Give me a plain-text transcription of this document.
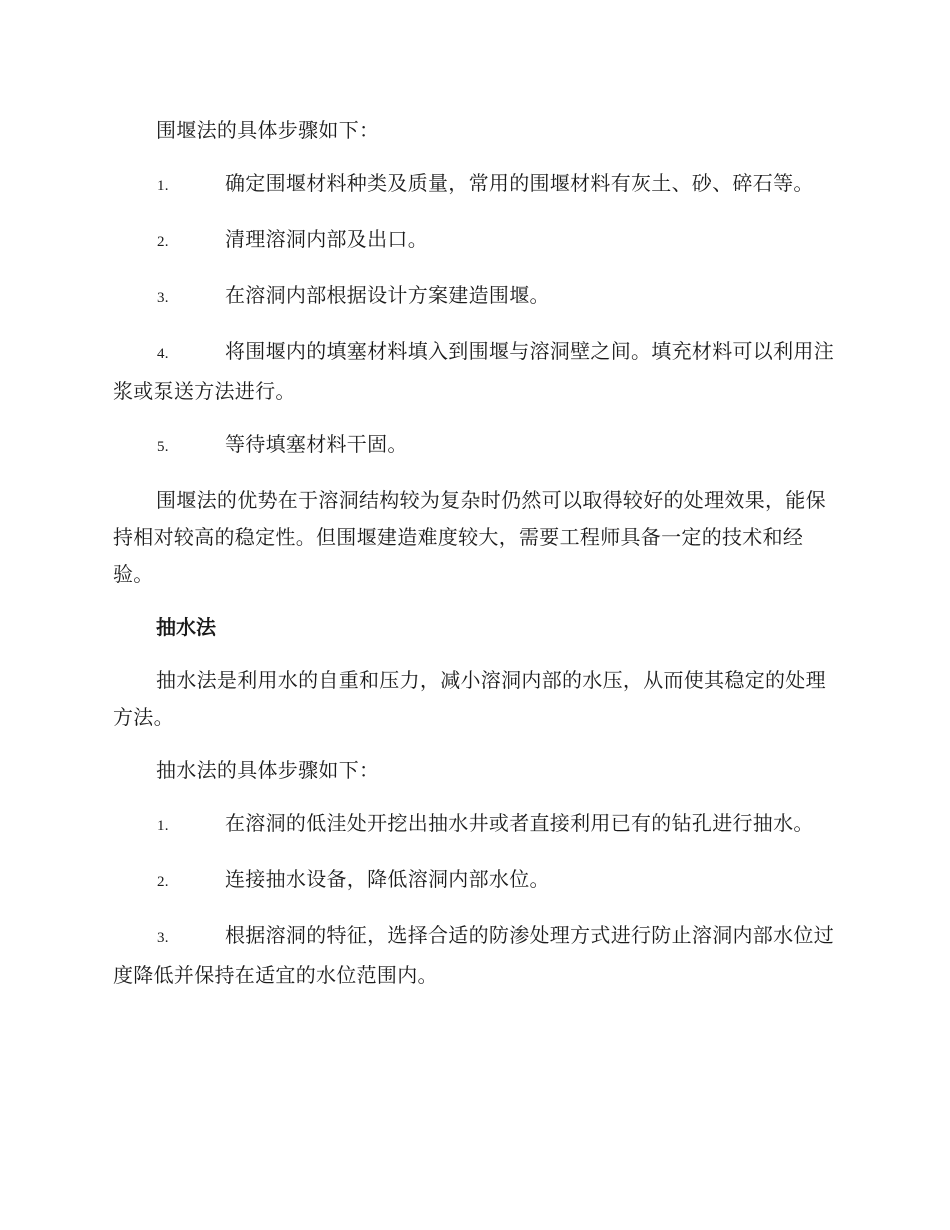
围堰法的具体步骤如下：

1.	确定围堰材料种类及质量，常用的围堰材料有灰土、砂、碎石等。

2.	清理溶洞内部及出口。

3.	在溶洞内部根据设计方案建造围堰。

4.	将围堰内的填塞材料填入到围堰与溶洞壁之间。填充材料可以利用注浆或泵送方法进行。

5.	等待填塞材料干固。

围堰法的优势在于溶洞结构较为复杂时仍然可以取得较好的处理效果，能保持相对较高的稳定性。但围堰建造难度较大，需要工程师具备一定的技术和经验。

抽水法

抽水法是利用水的自重和压力，减小溶洞内部的水压，从而使其稳定的处理方法。

抽水法的具体步骤如下：

1.	在溶洞的低洼处开挖出抽水井或者直接利用已有的钻孔进行抽水。

2.	连接抽水设备，降低溶洞内部水位。

3.	根据溶洞的特征，选择合适的防渗处理方式进行防止溶洞内部水位过度降低并保持在适宜的水位范围内。
